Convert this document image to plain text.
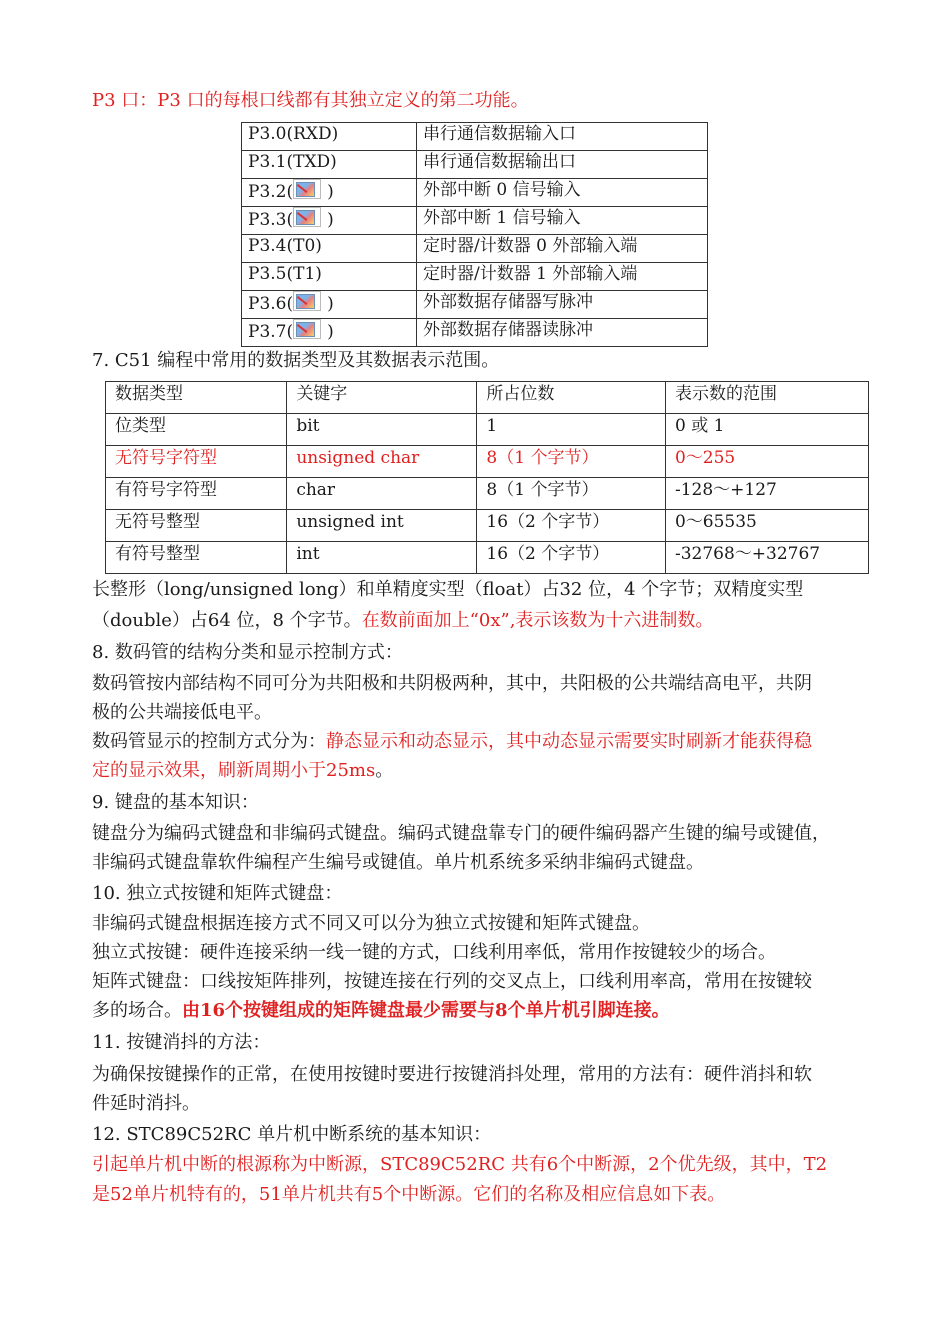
P3 口：P3 口的每根口线都有其独立定义的第二功能。
P3.0(RXD)	串行通信数据输入口
P3.1(TXD)	串行通信数据输出口
P3.2( )	外部中断 0 信号输入
P3.3( )	外部中断 1 信号输入
P3.4(T0)	定时器/计数器 0 外部输入端
P3.5(T1)	定时器/计数器 1 外部输入端
P3.6( )	外部数据存储器写脉冲
P3.7( )	外部数据存储器读脉冲
7. C51 编程中常用的数据类型及其数据表示范围。
数据类型	关键字	所占位数	表示数的范围
位类型	bit	1	0 或 1
无符号字符型	unsigned char	8（1 个字节）	0～255
有符号字符型	char	8（1 个字节）	-128～+127
无符号整型	unsigned int	16（2 个字节）	0～65535
有符号整型	int	16（2 个字节）	-32768～+32767
长整形（long/unsigned long）和单精度实型（float）占32 位，4 个字节；双精度实型
（double）占64 位，8 个字节。在数前面加上“0x”,表示该数为十六进制数。
8. 数码管的结构分类和显示控制方式：
数码管按内部结构不同可分为共阳极和共阴极两种，其中，共阳极的公共端结高电平，共阴
极的公共端接低电平。
数码管显示的控制方式分为：静态显示和动态显示，其中动态显示需要实时刷新才能获得稳
定的显示效果，刷新周期小于25ms。
9. 键盘的基本知识：
键盘分为编码式键盘和非编码式键盘。编码式键盘靠专门的硬件编码器产生键的编号或键值，
非编码式键盘靠软件编程产生编号或键值。单片机系统多采纳非编码式键盘。
10. 独立式按键和矩阵式键盘：
非编码式键盘根据连接方式不同又可以分为独立式按键和矩阵式键盘。
独立式按键：硬件连接采纳一线一键的方式，口线利用率低，常用作按键较少的场合。
矩阵式键盘：口线按矩阵排列，按键连接在行列的交叉点上，口线利用率高，常用在按键较
多的场合。由16个按键组成的矩阵键盘最少需要与8个单片机引脚连接。
11. 按键消抖的方法：
为确保按键操作的正常，在使用按键时要进行按键消抖处理，常用的方法有：硬件消抖和软
件延时消抖。
12. STC89C52RC 单片机中断系统的基本知识：
引起单片机中断的根源称为中断源，STC89C52RC 共有6个中断源，2个优先级，其中，T2
是52单片机特有的，51单片机共有5个中断源。它们的名称及相应信息如下表。
